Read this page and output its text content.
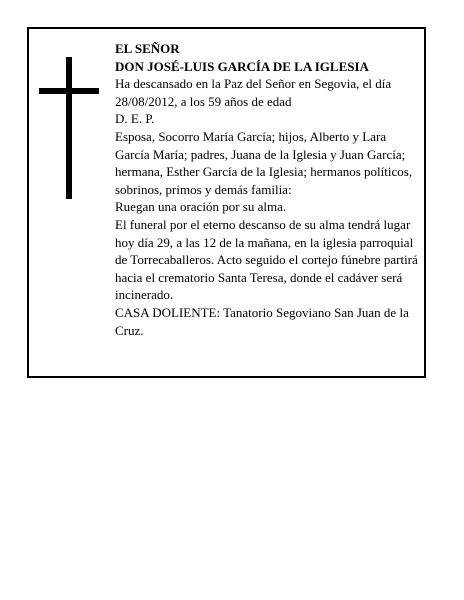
EL SEÑOR

DON JOSÉ-LUIS GARCÍA DE LA IGLESIA

Ha descansado en la Paz del Señor en Segovia, el día 28/08/2012, a los 59 años de edad

D. E. P.

Esposa, Socorro María García; hijos, Alberto y Lara García María; padres, Juana de la Iglesia y Juan García; hermana, Esther García de la Iglesia; hermanos políticos, sobrinos, primos y demás familia:

Ruegan una oración por su alma.

El funeral por el eterno descanso de su alma tendrá lugar hoy día 29, a las 12 de la mañana, en la iglesia parroquial de Torrecaballeros. Acto seguido el cortejo fúnebre partirá hacia el crematorio Santa Teresa, donde el cadáver será incinerado.

CASA DOLIENTE: Tanatorio Segoviano San Juan de la Cruz.
